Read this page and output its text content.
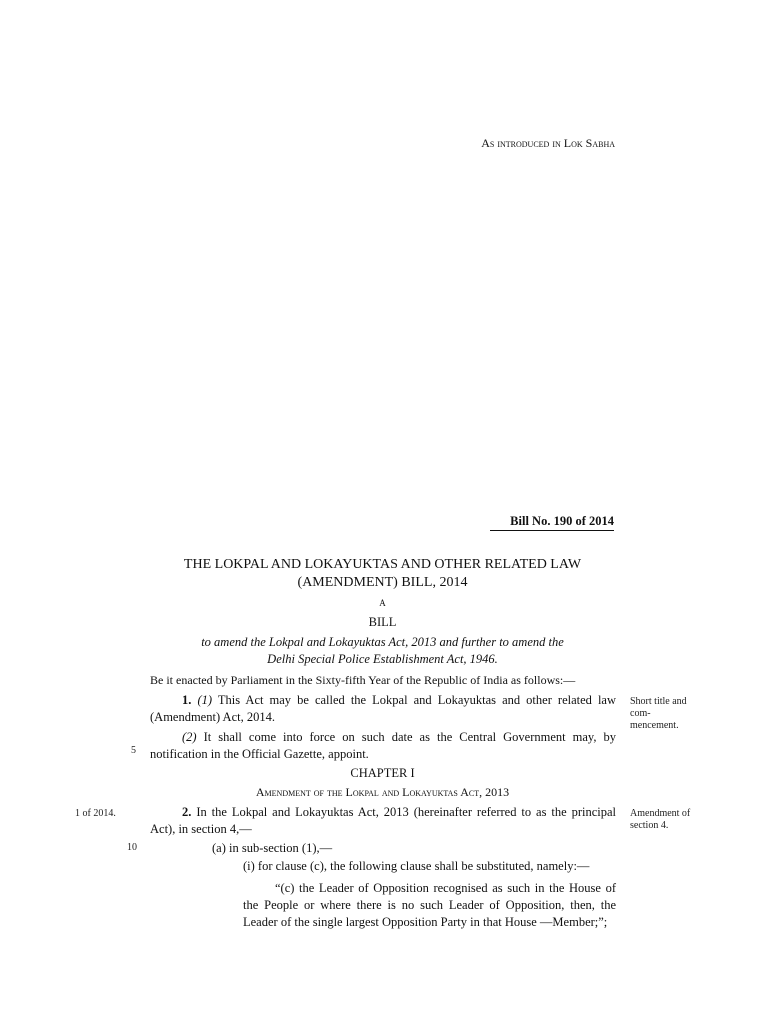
As introduced in Lok Sabha
Bill No. 190 of 2014
THE LOKPAL AND LOKAYUKTAS AND OTHER RELATED LAW
(AMENDMENT) BILL, 2014
A
BILL
to amend the Lokpal and Lokayuktas Act, 2013 and further to amend the
Delhi Special Police Establishment Act, 1946.
Be it enacted by Parliament in the Sixty-fifth Year of the Republic of India as follows:—
1. (1) This Act may be called the Lokpal and Lokayuktas and other related law (Amendment) Act, 2014.
Short title and com- mencement.
(2) It shall come into force on such date as the Central Government may, by notification in the Official Gazette, appoint.
5
CHAPTER I
Amendment of the Lokpal and Lokayuktas Act, 2013
1 of 2014.	2. In the Lokpal and Lokayuktas Act, 2013 (hereinafter referred to as the principal Act), in section 4,—
Amendment of section 4.
10	(a) in sub-section (1),—
(i) for clause (c), the following clause shall be substituted, namely:—
“(c) the Leader of Opposition recognised as such in the House of the People or where there is no such Leader of Opposition, then, the Leader of the single largest Opposition Party in that House —Member;”;
